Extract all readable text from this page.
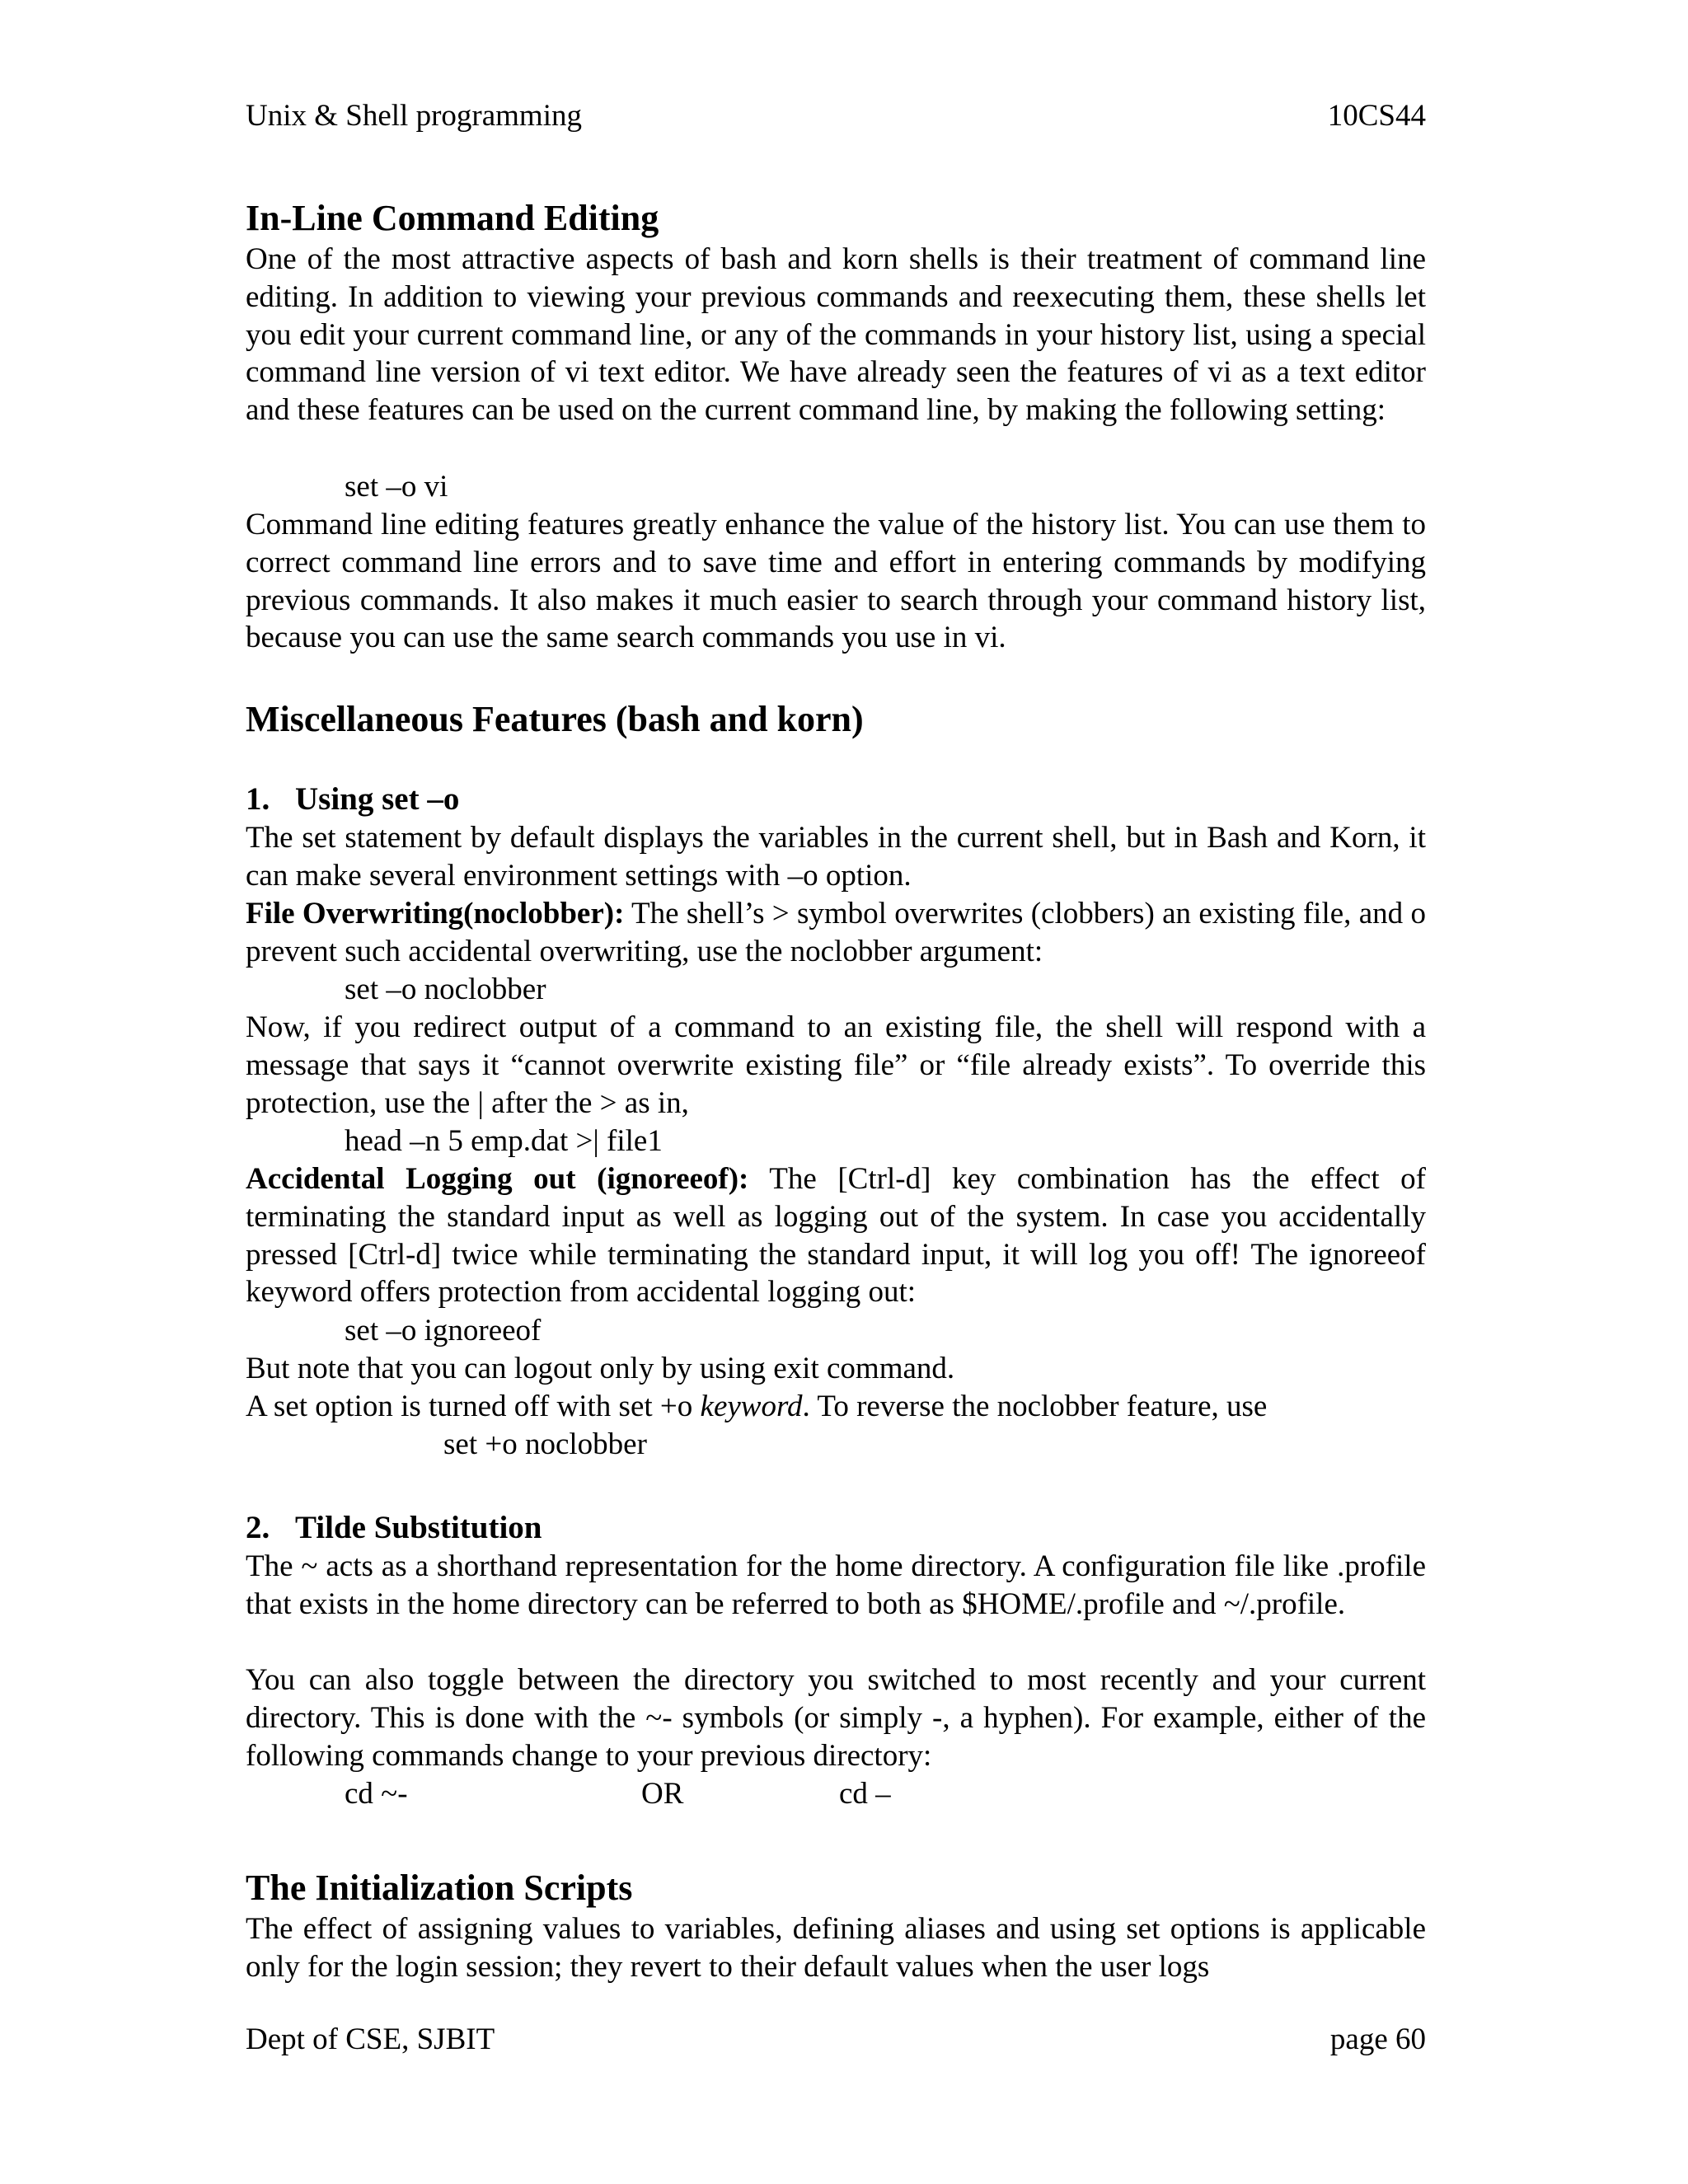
Unix & Shell programming	10CS44
In-Line Command Editing
One of the most attractive aspects of bash and korn shells is their treatment of command line editing. In addition to viewing your previous commands and reexecuting them, these shells let you edit your current command line, or any of the commands in your history list, using a special command line version of vi text editor. We have already seen the features of vi as a text editor and these features can be used on the current command line, by making the following setting:
set –o vi
Command line editing features greatly enhance the value of the history list. You can use them to correct command line errors and to save time and effort in entering commands by modifying previous commands. It also makes it much easier to search through your command history list, because you can use the same search commands you use in vi.
Miscellaneous Features (bash and korn)
1. Using set –o
The set statement by default displays the variables in the current shell, but in Bash and Korn, it can make several environment settings with –o option.
File Overwriting(noclobber): The shell’s > symbol overwrites (clobbers) an existing file, and o prevent such accidental overwriting, use the noclobber argument:
set –o noclobber
Now, if you redirect output of a command to an existing file, the shell will respond with a message that says it “cannot overwrite existing file” or “file already exists”. To override this protection, use the | after the > as in,
head –n 5 emp.dat >| file1
Accidental Logging out (ignoreeof): The [Ctrl-d] key combination has the effect of terminating the standard input as well as logging out of the system. In case you accidentally pressed [Ctrl-d] twice while terminating the standard input, it will log you off! The ignoreeof keyword offers protection from accidental logging out:
set –o ignoreeof
But note that you can logout only by using exit command.
A set option is turned off with set +o keyword. To reverse the noclobber feature, use
set +o noclobber
2. Tilde Substitution
The ~ acts as a shorthand representation for the home directory. A configuration file like .profile that exists in the home directory can be referred to both as $HOME/.profile and ~/.profile.
You can also toggle between the directory you switched to most recently and your current directory. This is done with the ~- symbols (or simply -, a hyphen). For example, either of the following commands change to your previous directory:
cd ~-	OR	cd –
The Initialization Scripts
The effect of assigning values to variables, defining aliases and using set options is applicable only for the login session; they revert to their default values when the user logs
Dept of CSE, SJBIT	page 60
